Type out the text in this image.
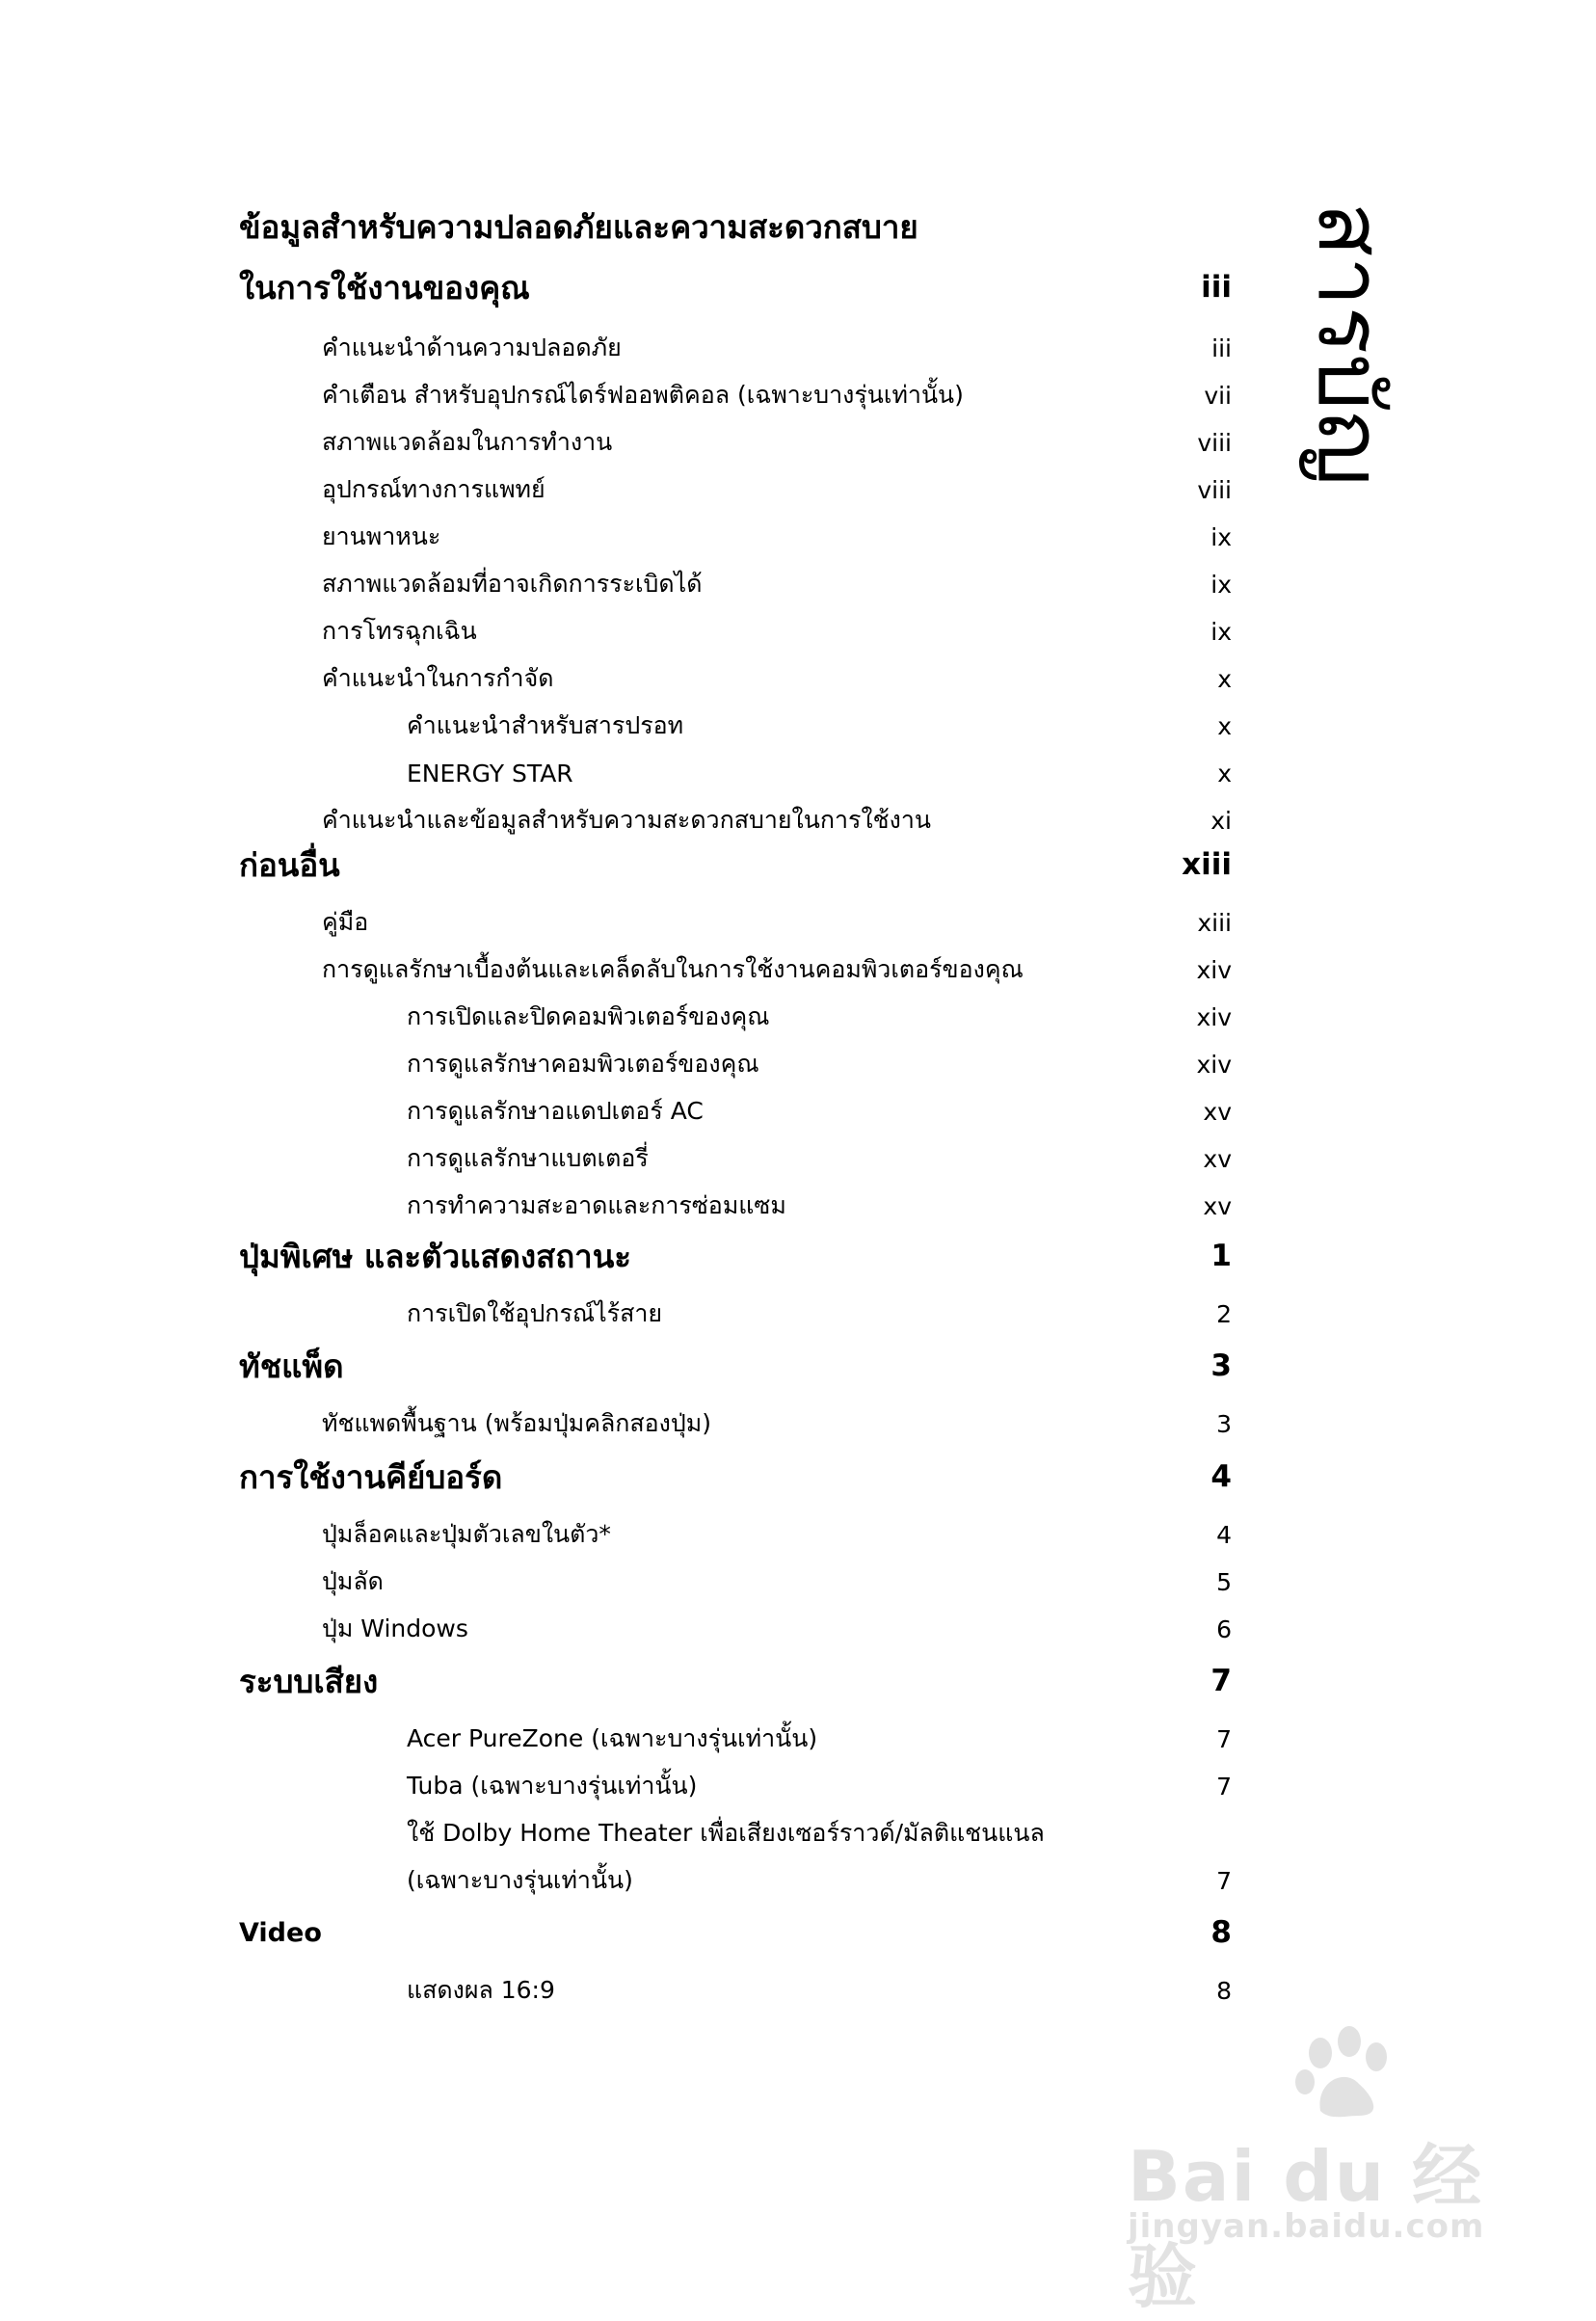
สารบัญ
ข้อมูลสำหรับความปลอดภัยและความสะดวกสบาย
ในการใช้งานของคุณ	iii
คำแนะนำด้านความปลอดภัย	iii
คำเตือน สำหรับอุปกรณ์ไดร์ฟออพติคอล (เฉพาะบางรุ่นเท่านั้น)	vii
สภาพแวดล้อมในการทำงาน	viii
อุปกรณ์ทางการแพทย์	viii
ยานพาหนะ	ix
สภาพแวดล้อมที่อาจเกิดการระเบิดได้	ix
การโทรฉุกเฉิน	ix
คำแนะนำในการกำจัด	x
คำแนะนำสำหรับสารปรอท	x
ENERGY STAR	x
คำแนะนำและข้อมูลสำหรับความสะดวกสบายในการใช้งาน	xi
ก่อนอื่น	xiii
คู่มือ	xiii
การดูแลรักษาเบื้องต้นและเคล็ดลับในการใช้งานคอมพิวเตอร์ของคุณ	xiv
การเปิดและปิดคอมพิวเตอร์ของคุณ	xiv
การดูแลรักษาคอมพิวเตอร์ของคุณ	xiv
การดูแลรักษาอแดปเตอร์ AC	xv
การดูแลรักษาแบตเตอรี่	xv
การทำความสะอาดและการซ่อมแซม	xv
ปุ่มพิเศษ และตัวแสดงสถานะ	1
การเปิดใช้อุปกรณ์ไร้สาย	2
ทัชแพ็ด	3
ทัชแพดพื้นฐาน (พร้อมปุ่มคลิกสองปุ่ม)	3
การใช้งานคีย์บอร์ด	4
ปุ่มล็อคและปุ่มตัวเลขในตัว*	4
ปุ่มลัด	5
ปุ่ม Windows	6
ระบบเสียง	7
Acer PureZone (เฉพาะบางรุ่นเท่านั้น)	7
Tuba (เฉพาะบางรุ่นเท่านั้น)	7
ใช้ Dolby Home Theater เพื่อเสียงเซอร์ราวด์/มัลติแชนแนล
(เฉพาะบางรุ่นเท่านั้น)	7
Video	8
แสดงผล 16:9	8
Bai du 经验
jingyan.baidu.com
